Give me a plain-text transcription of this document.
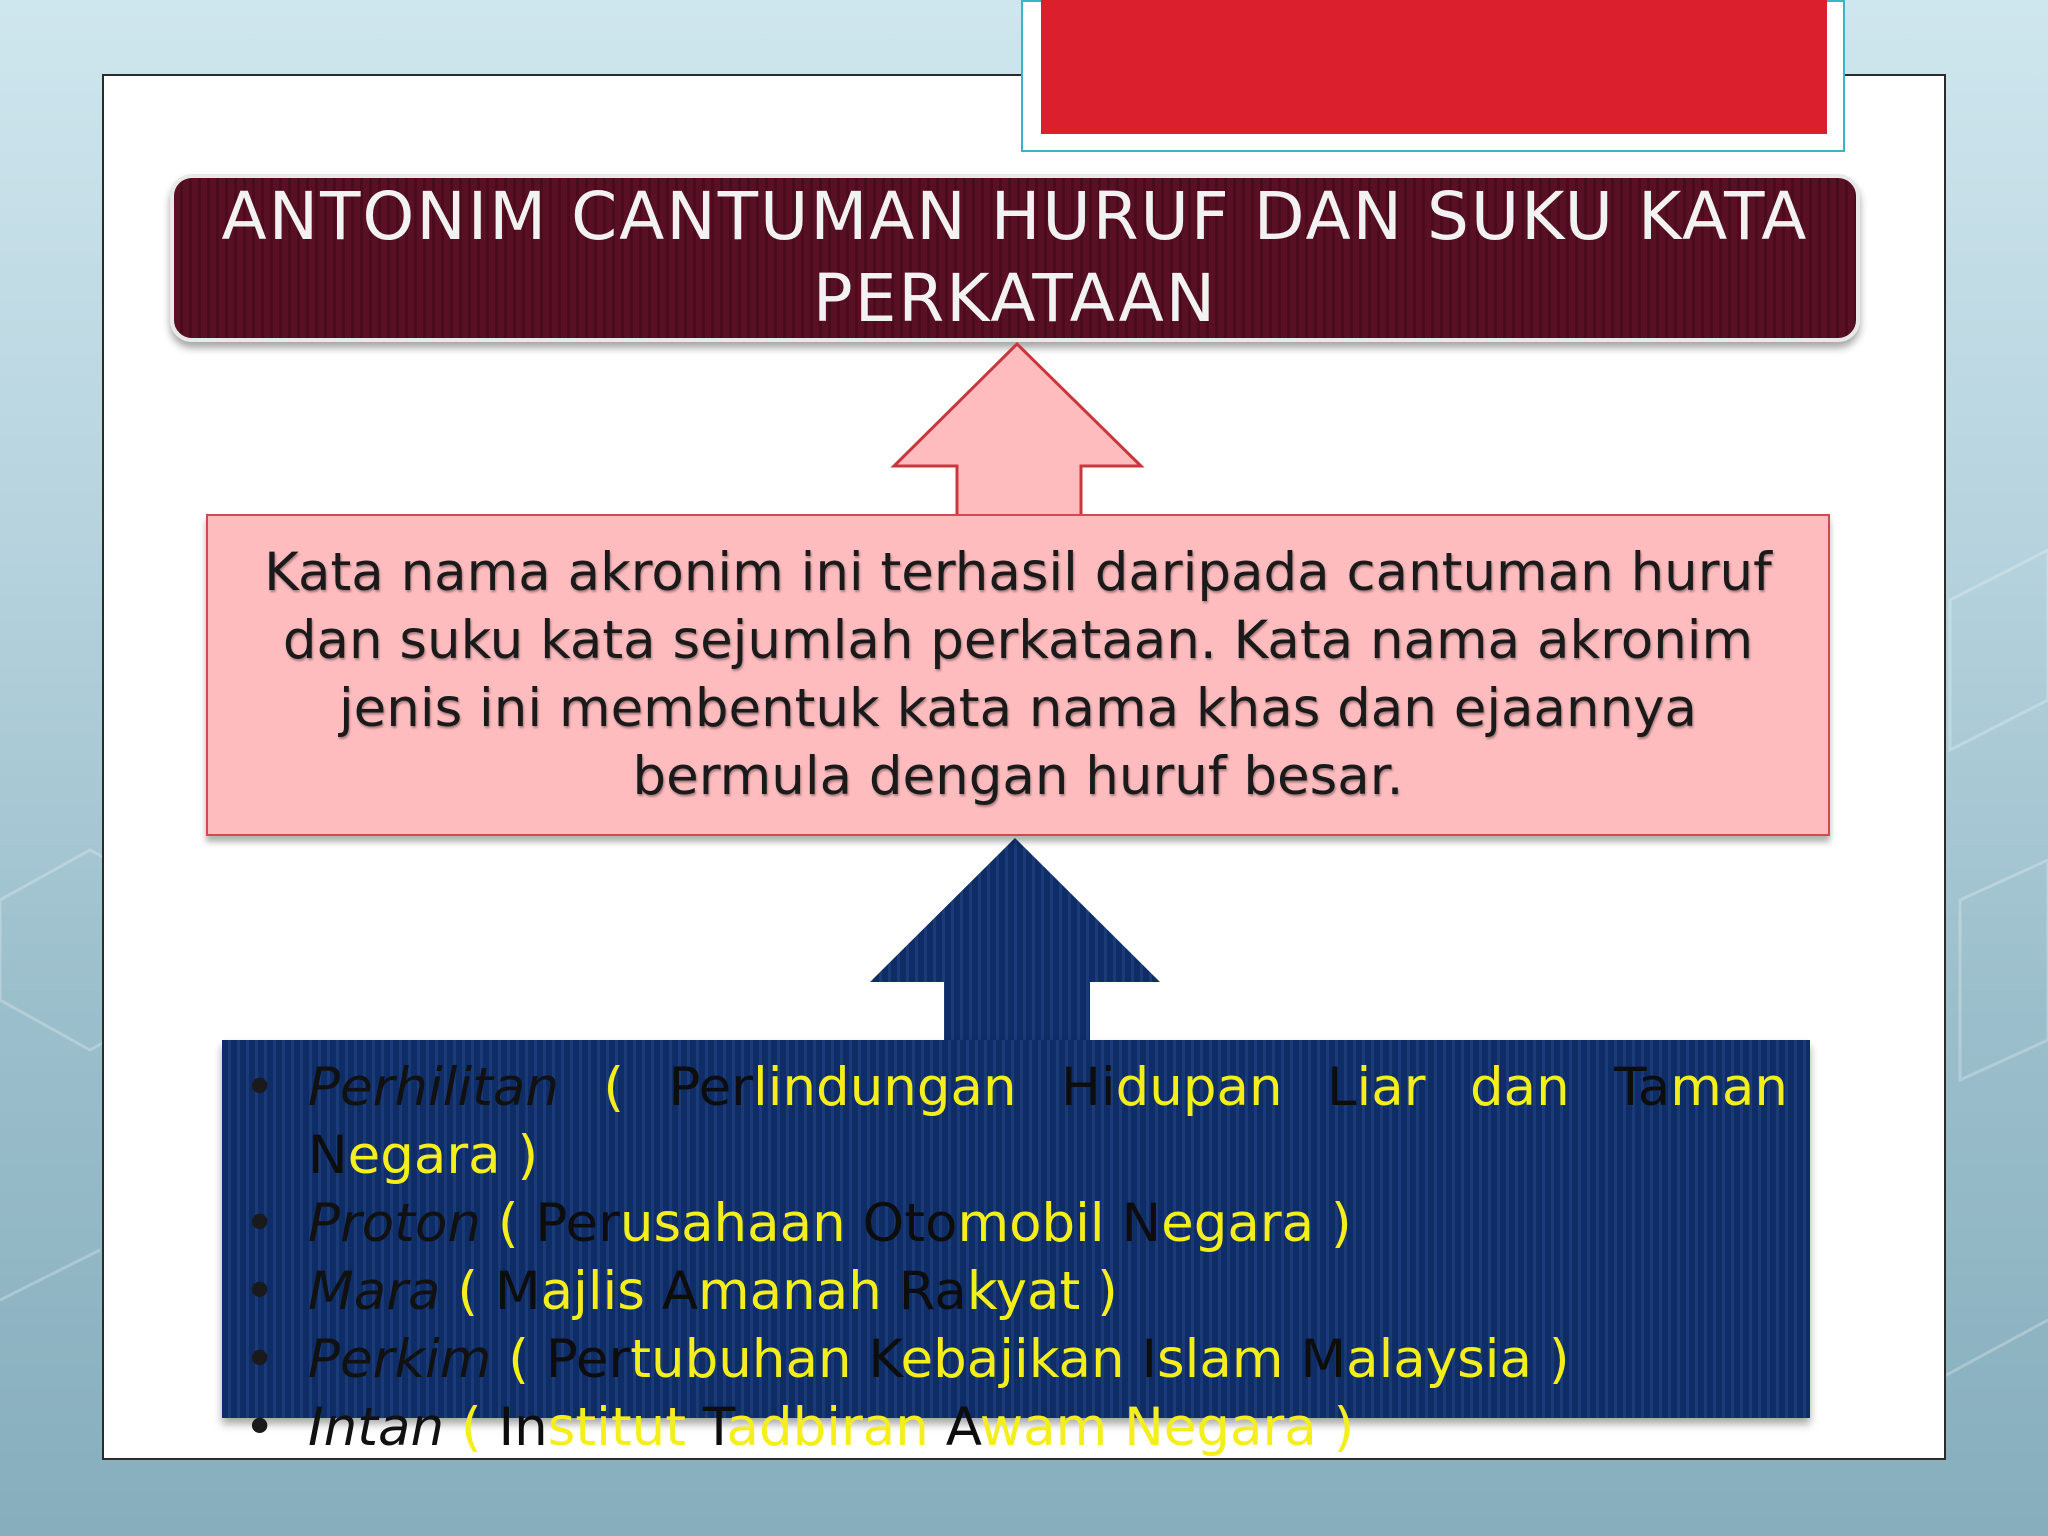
ANTONIM CANTUMAN HURUF DAN SUKU KATA
PERKATAAN
Kata nama akronim ini terhasil daripada cantuman huruf dan suku kata sejumlah perkataan. Kata nama akronim jenis ini membentuk kata nama khas dan ejaannya bermula dengan huruf besar.
• Perhilitan ( Perlindungan Hidupan Liar dan Taman Negara )
• Proton ( Perusahaan Otomobil Negara )
• Mara ( Majlis Amanah Rakyat )
• Perkim ( Pertubuhan Kebajikan Islam Malaysia )
• Intan ( Institut Tadbiran Awam Negara )
